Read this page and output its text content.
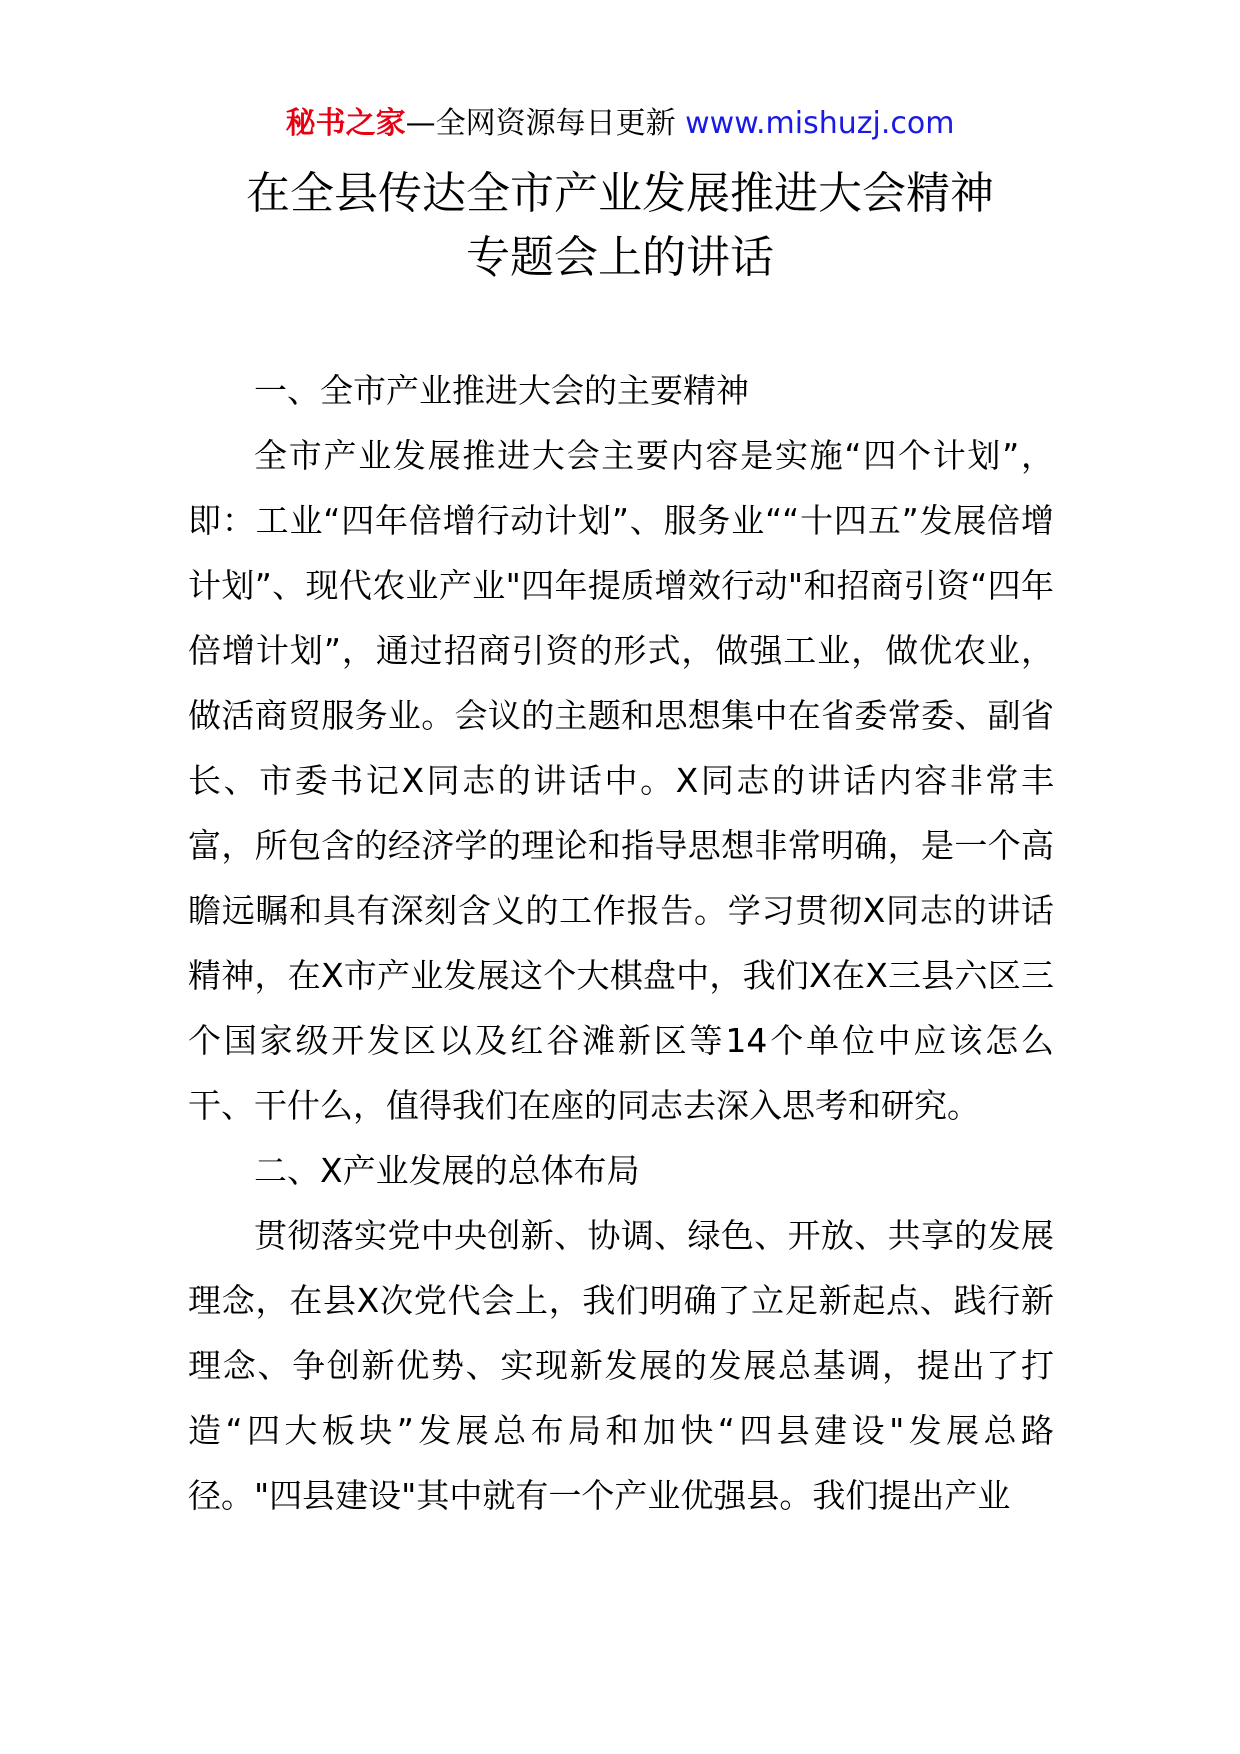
秘书之家—全网资源每日更新 www.mishuzj.com
在全县传达全市产业发展推进大会精神
专题会上的讲话

一、全市产业推进大会的主要精神

全市产业发展推进大会主要内容是实施“四个计划”，即：工业“四年倍增行动计划”、服务业““十四五”发展倍增计划”、现代农业产业"四年提质增效行动"和招商引资“四年倍增计划”，通过招商引资的形式，做强工业，做优农业，做活商贸服务业。会议的主题和思想集中在省委常委、副省长、市委书记X同志的讲话中。X同志的讲话内容非常丰富，所包含的经济学的理论和指导思想非常明确，是一个高瞻远瞩和具有深刻含义的工作报告。学习贯彻X同志的讲话精神，在X市产业发展这个大棋盘中，我们X在X三县六区三个国家级开发区以及红谷滩新区等14个单位中应该怎么干、干什么，值得我们在座的同志去深入思考和研究。

二、X产业发展的总体布局

贯彻落实党中央创新、协调、绿色、开放、共享的发展理念，在县X次党代会上，我们明确了立足新起点、践行新理念、争创新优势、实现新发展的发展总基调，提出了打造“四大板块”发展总布局和加快“四县建设"发展总路径。"四县建设"其中就有一个产业优强县。我们提出产业
